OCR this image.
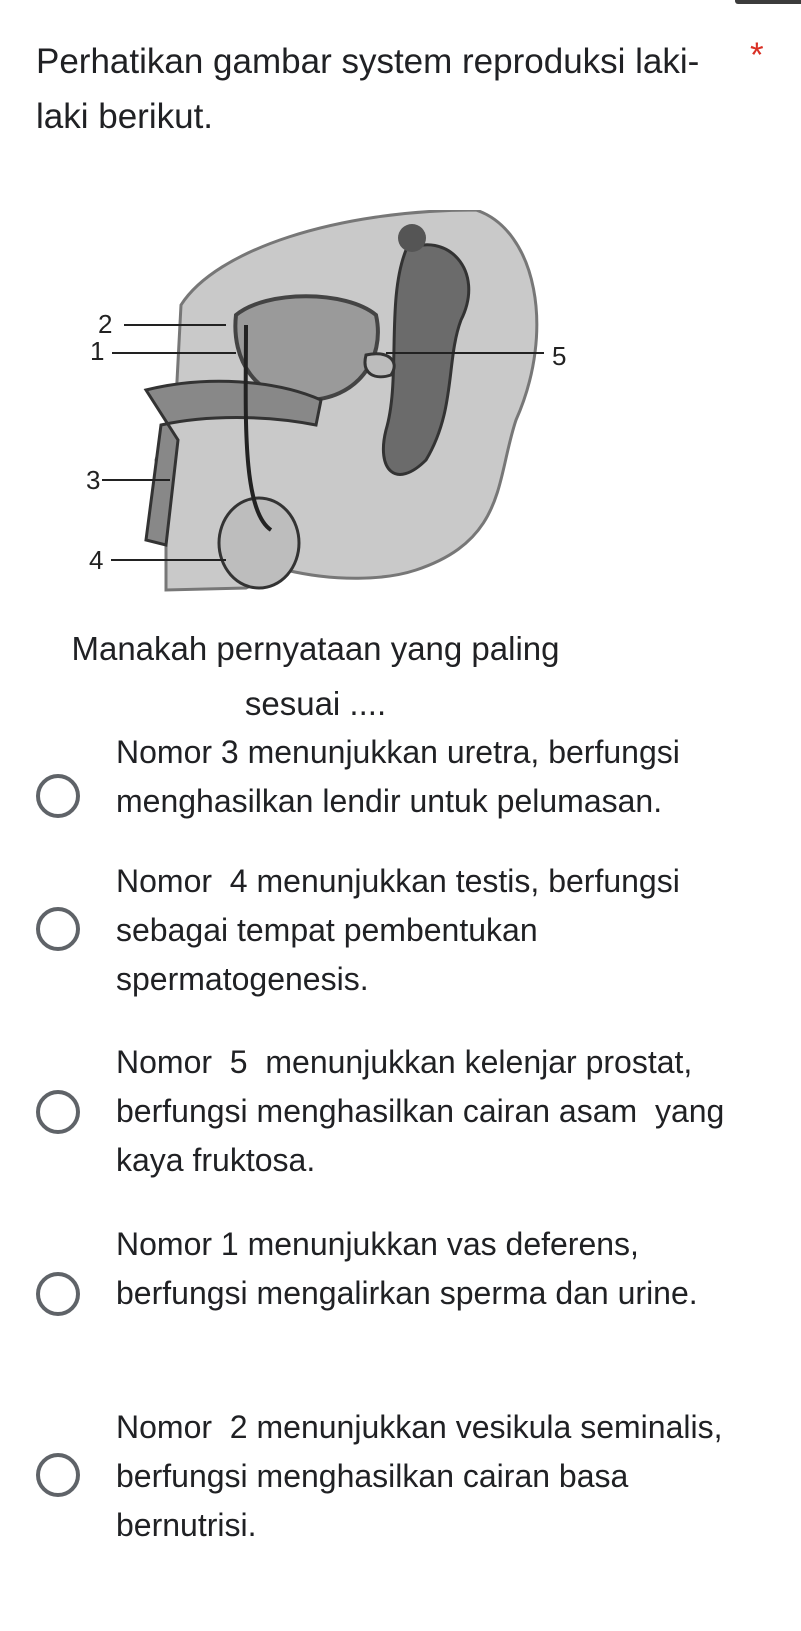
Perhatikan gambar system reproduksi laki-laki berikut.
*
2
1	5
3
4
Manakah pernyataan yang paling
sesuai ....
Nomor 3 menunjukkan uretra, berfungsi menghasilkan lendir untuk pelumasan.
Nomor  4 menunjukkan testis, berfungsi sebagai tempat pembentukan spermatogenesis.
Nomor  5  menunjukkan kelenjar prostat,  berfungsi menghasilkan cairan asam  yang kaya fruktosa.
Nomor 1 menunjukkan vas deferens, berfungsi mengalirkan sperma dan urine.
Nomor  2 menunjukkan vesikula seminalis,  berfungsi menghasilkan cairan basa bernutrisi.
